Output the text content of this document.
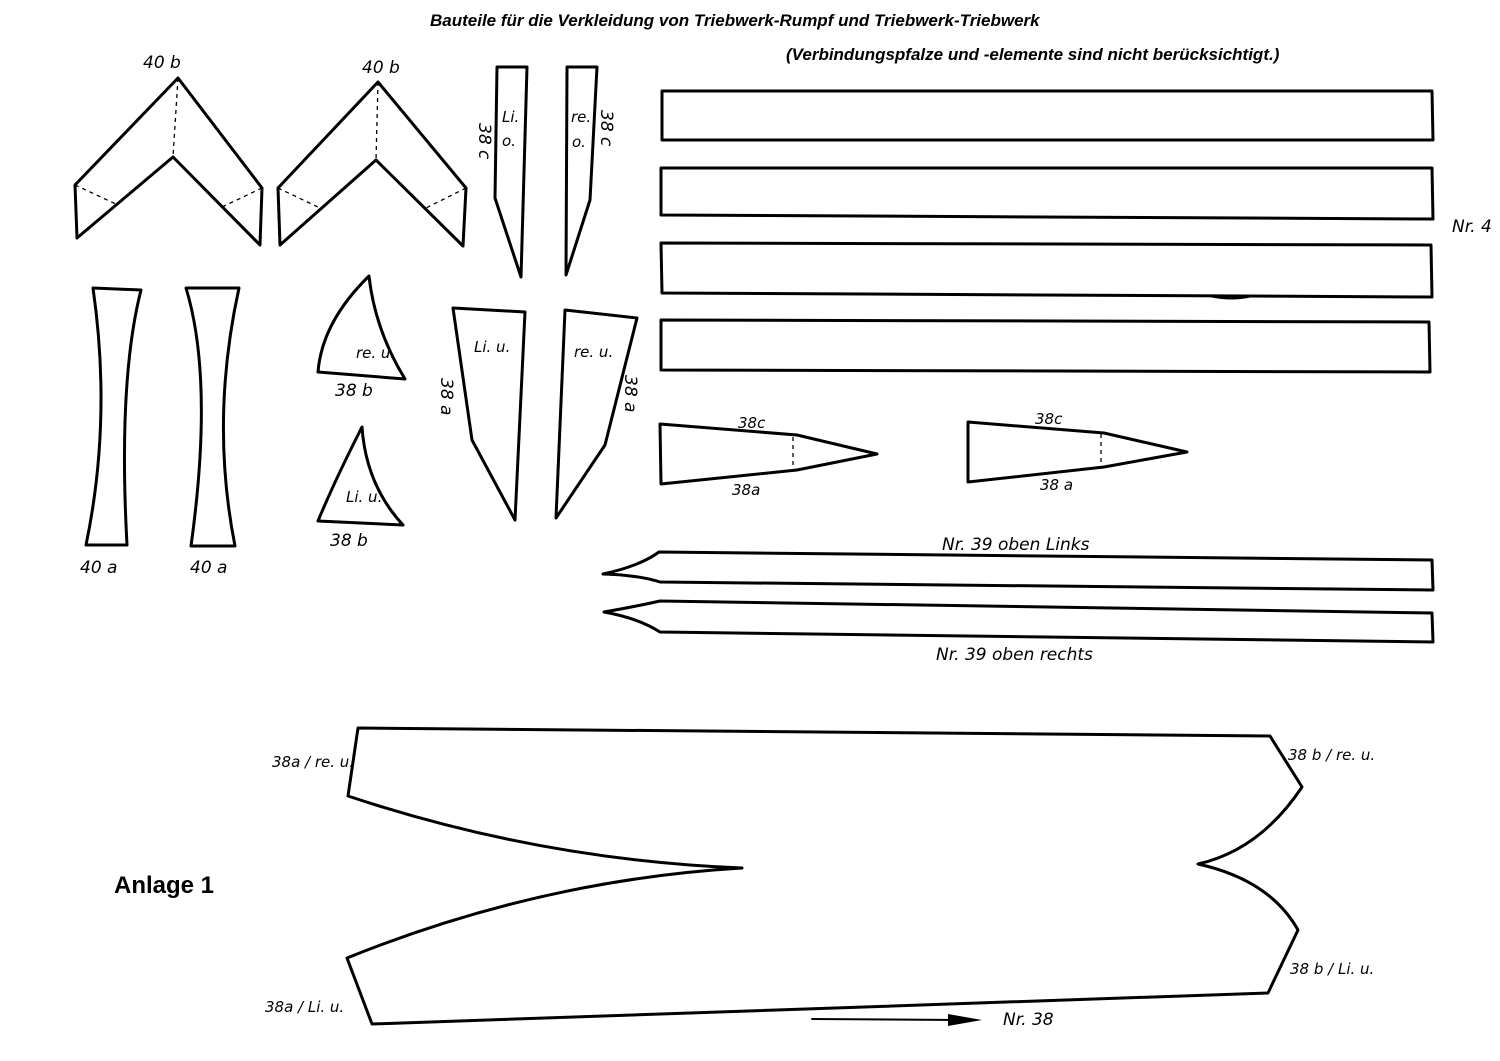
Bauteile für die Verkleidung von Triebwerk-Rumpf und Triebwerk-Triebwerk
(Verbindungspfalze und -elemente sind nicht berücksichtigt.)
Anlage 1
40 b	40 b
40 a	40 a
re. u.
38 b
Li. u.
38 b
Li.
o.
38 c
re.
o. 38 c
Li. u.
38 a
re. u.
38 a
Nr. 4
38c
38a
38c
38 a
Nr. 39 oben Links
Nr. 39 oben rechts
38a / re. u.	38 b / re. u.
38a / Li. u.
38 b / Li. u.
Nr. 38
